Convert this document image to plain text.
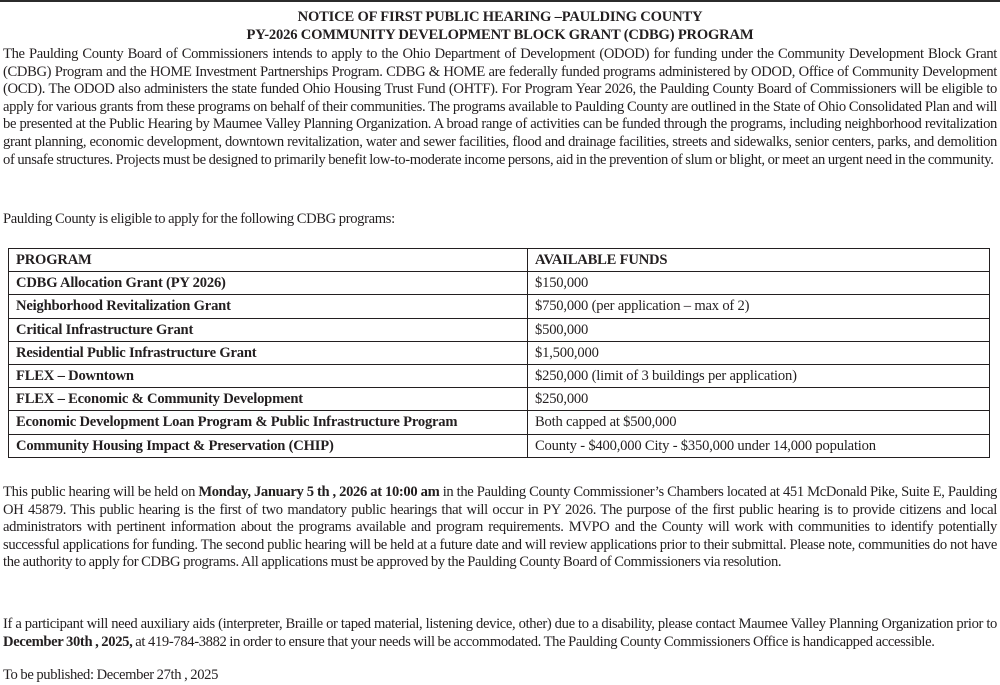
NOTICE OF FIRST PUBLIC HEARING –PAULDING COUNTY
PY-2026 COMMUNITY DEVELOPMENT BLOCK GRANT (CDBG) PROGRAM

The Paulding County Board of Commissioners intends to apply to the Ohio Department of Development (ODOD) for funding under the Community Development Block Grant (CDBG) Program and the HOME Investment Partnerships Program. CDBG & HOME are federally funded programs administered by ODOD, Office of Community Development (OCD). The ODOD also administers the state funded Ohio Housing Trust Fund (OHTF). For Program Year 2026, the Paulding County Board of Commissioners will be eligible to apply for various grants from these programs on behalf of their communities. The programs available to Paulding County are outlined in the State of Ohio Consolidated Plan and will be presented at the Public Hearing by Maumee Valley Planning Organization. A broad range of activities can be funded through the programs, including neighborhood revitalization grant planning, economic development, downtown revitalization, water and sewer facilities, flood and drainage facilities, streets and sidewalks, senior centers, parks, and demolition of unsafe structures. Projects must be designed to primarily benefit low-to-moderate income persons, aid in the prevention of slum or blight, or meet an urgent need in the community.

Paulding County is eligible to apply for the following CDBG programs:

PROGRAM	AVAILABLE FUNDS
CDBG Allocation Grant (PY 2026)	$150,000
Neighborhood Revitalization Grant	$750,000 (per application – max of 2)
Critical Infrastructure Grant	$500,000
Residential Public Infrastructure Grant	$1,500,000
FLEX – Downtown	$250,000 (limit of 3 buildings per application)
FLEX – Economic & Community Development	$250,000
Economic Development Loan Program & Public Infrastructure Program	Both capped at $500,000
Community Housing Impact & Preservation (CHIP)	County - $400,000 City - $350,000 under 14,000 population

This public hearing will be held on Monday, January 5 th , 2026 at 10:00 am in the Paulding County Commissioner’s Chambers located at 451 McDonald Pike, Suite E, Paulding OH 45879. This public hearing is the first of two mandatory public hearings that will occur in PY 2026. The purpose of the first public hearing is to provide citizens and local administrators with pertinent information about the programs available and program requirements. MVPO and the County will work with communities to identify potentially successful applications for funding. The second public hearing will be held at a future date and will review applications prior to their submittal. Please note, communities do not have the authority to apply for CDBG programs. All applications must be approved by the Paulding County Board of Commissioners via resolution.

If a participant will need auxiliary aids (interpreter, Braille or taped material, listening device, other) due to a disability, please contact Maumee Valley Planning Organization prior to December 30th , 2025, at 419-784-3882 in order to ensure that your needs will be accommodated. The Paulding County Commissioners Office is handicapped accessible.

To be published: December 27th , 2025
